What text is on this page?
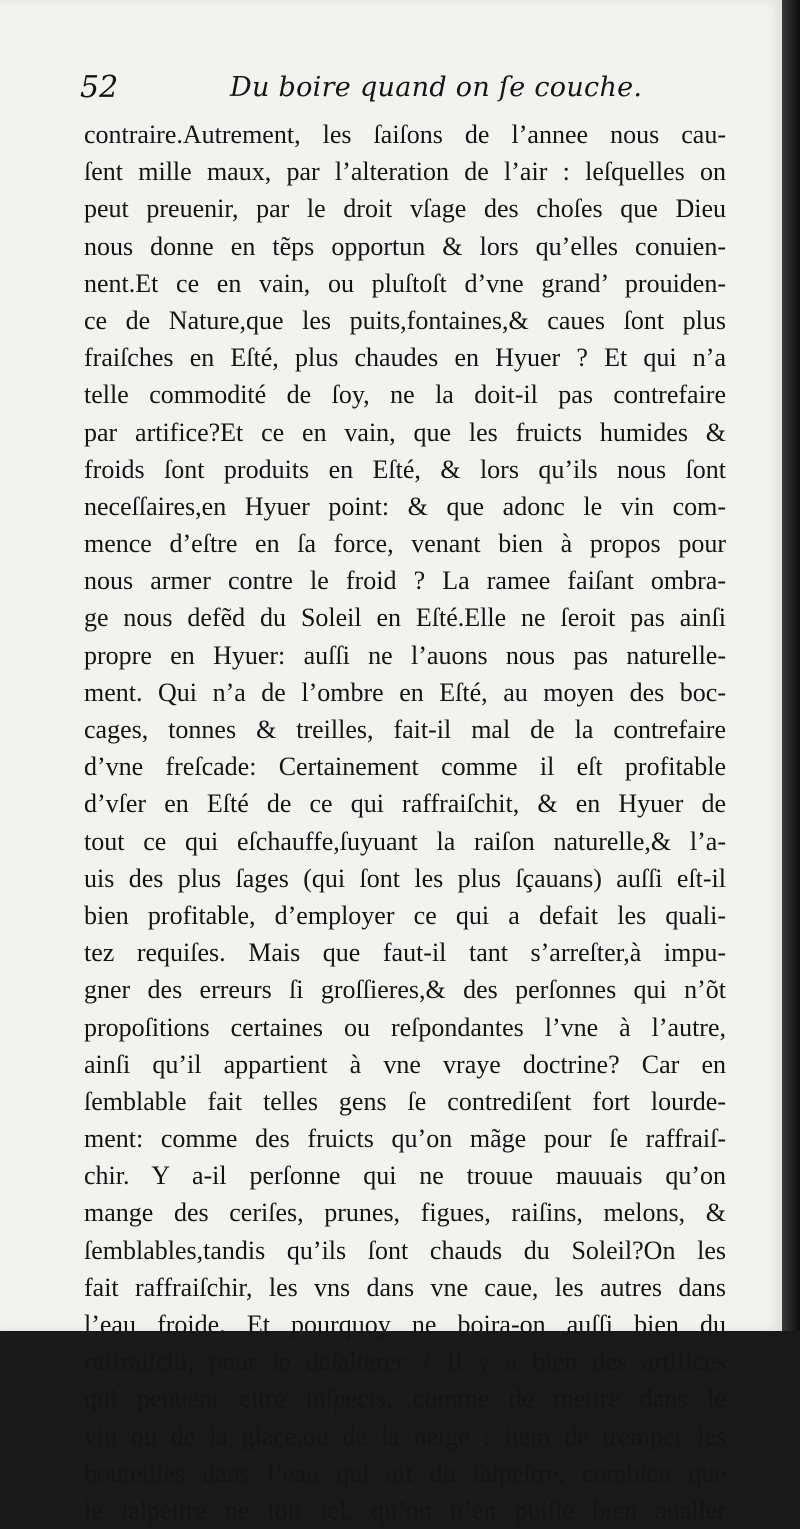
52	Du boire quand on ſe couche.
contraire.Autrement, les ſaiſons de l’annee nous cau-
ſent mille maux, par l’alteration de l’air : leſquelles on
peut preuenir, par le droit vſage des choſes que Dieu
nous donne en tẽps opportun & lors qu’elles conuien-
nent.Et ce en vain, ou pluſtoſt d’vne grand’ prouiden-
ce de Nature,que les puits,fontaines,& caues ſont plus
fraiſches en Eſté, plus chaudes en Hyuer ? Et qui n’a
telle commodité de ſoy, ne la doit-il pas contrefaire
par artifice?Et ce en vain, que les fruicts humides &
froids ſont produits en Eſté, & lors qu’ils nous ſont
neceſſaires,en Hyuer point: & que adonc le vin com-
mence d’eſtre en ſa force, venant bien à propos pour
nous armer contre le froid ? La ramee faiſant ombra-
ge nous defẽd du Soleil en Eſté.Elle ne ſeroit pas ainſi
propre en Hyuer: auſſi ne l’auons nous pas naturelle-
ment. Qui n’a de l’ombre en Eſté, au moyen des boc-
cages, tonnes & treilles, fait-il mal de la contrefaire
d’vne freſcade: Certainement comme il eſt profitable
d’vſer en Eſté de ce qui raffraiſchit, & en Hyuer de
tout ce qui eſchauffe,ſuyuant la raiſon naturelle,& l’a-
uis des plus ſages (qui ſont les plus ſçauans) auſſi eſt-il
bien profitable, d’employer ce qui a defait les quali-
tez requiſes. Mais que faut-il tant s’arreſter,à impu-
gner des erreurs ſi groſſieres,& des perſonnes qui n’õt
propoſitions certaines ou reſpondantes l’vne à l’autre,
ainſi qu’il appartient à vne vraye doctrine? Car en
ſemblable fait telles gens ſe contrediſent fort lourde-
ment: comme des fruicts qu’on mãge pour ſe raffraiſ-
chir. Y a-il perſonne qui ne trouue mauuais qu’on
mange des ceriſes, prunes, figues, raiſins, melons, &
ſemblables,tandis qu’ils ſont chauds du Soleil?On les
fait raffraiſchir, les vns dans vne caue, les autres dans
l’eau froide. Et pourquoy ne boira-on auſſi bien du
raffraiſchi, pour ſe deſalterer ? Il y a bien des artifices
qui peuuent eſtre ſuſpects, comme de mettre dans le
vin ou de la glace,ou de la neige : item de tremper les
bouteilles dans l’eau qui ait du ſalpeſtre, combien que
le ſalpeſtre ne ſoit tel, qu’on n’en puiſſe bien aualler
